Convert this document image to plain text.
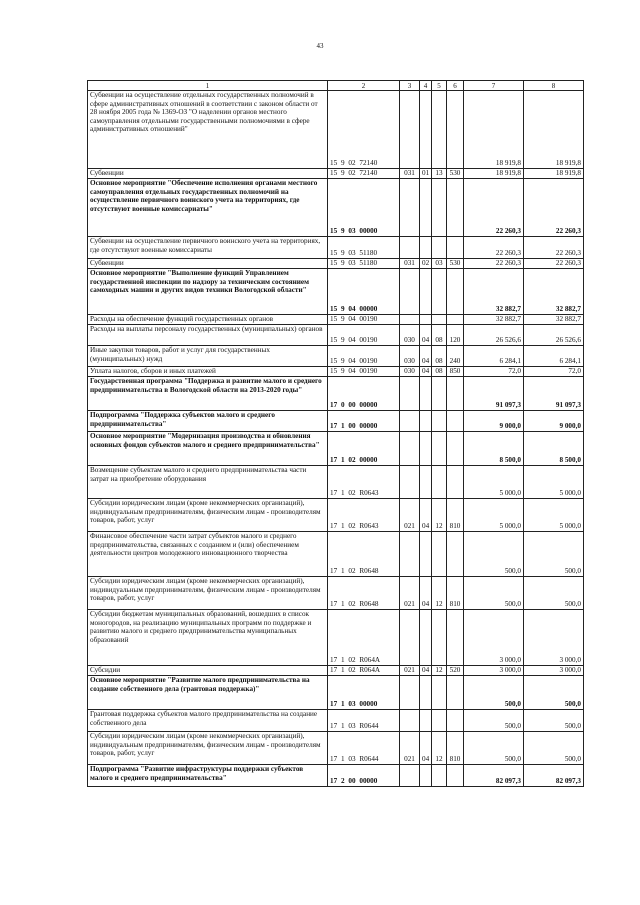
43
1	2	3	4	5	6	7	8
Субвенции на осуществление отдельных государственных полномочий в сфере административных отношений в соответствии с законом области от 28 ноября 2005 года № 1369-ОЗ "О наделении органов местного самоуправления отдельными государственными полномочиями в сфере административных отношений"	15 9 02 72140					18 919,8	18 919,8
Субвенции	15 9 02 72140	031	01	13	530	18 919,8	18 919,8
Основное мероприятие "Обеспечение исполнения органами местного самоуправления отдельных государственных полномочий на осуществление первичного воинского учета на территориях, где отсутствуют военные комиссариаты"	15 9 03 00000					22 260,3	22 260,3
Субвенции на осуществление первичного воинского учета на территориях, где отсутствуют военные комиссариаты	15 9 03 51180					22 260,3	22 260,3
Субвенции	15 9 03 51180	031	02	03	530	22 260,3	22 260,3
Основное мероприятие "Выполнение функций Управлением государственной инспекции по надзору за техническим состоянием самоходных машин и других видов техники Вологодской области"	15 9 04 00000					32 882,7	32 882,7
Расходы на обеспечение функций государственных органов	15 9 04 00190					32 882,7	32 882,7
Расходы на выплаты персоналу государственных (муниципальных) органов	15 9 04 00190	030	04	08	120	26 526,6	26 526,6
Иные закупки товаров, работ и услуг для государственных (муниципальных) нужд	15 9 04 00190	030	04	08	240	6 284,1	6 284,1
Уплата налогов, сборов и иных платежей	15 9 04 00190	030	04	08	850	72,0	72,0
Государственная программа "Поддержка и развитие малого и среднего предпринимательства в Вологодской области на 2013-2020 годы"	17 0 00 00000					91 097,3	91 097,3
Подпрограмма "Поддержка субъектов малого и среднего предпринимательства"	17 1 00 00000					9 000,0	9 000,0
Основное мероприятие "Модернизация производства и обновления основных фондов субъектов малого и среднего предпринимательства"	17 1 02 00000					8 500,0	8 500,0
Возмещение субъектам малого и среднего предпринимательства части затрат на приобретение оборудования	17 1 02 R0643					5 000,0	5 000,0
Субсидии юридическим лицам (кроме некоммерческих организаций), индивидуальным предпринимателям, физическим лицам - производителям товаров, работ, услуг	17 1 02 R0643	021	04	12	810	5 000,0	5 000,0
Финансовое обеспечение части затрат субъектов малого и среднего предпринимательства, связанных с созданием и (или) обеспечением деятельности центров молодежного инновационного творчества	17 1 02 R0648					500,0	500,0
Субсидии юридическим лицам (кроме некоммерческих организаций), индивидуальным предпринимателям, физическим лицам - производителям товаров, работ, услуг	17 1 02 R0648	021	04	12	810	500,0	500,0
Субсидии бюджетам муниципальных образований, вошедших в список моногородов, на реализацию муниципальных программ по поддержке и развитию малого и среднего предпринимательства муниципальных образований	17 1 02 R064A					3 000,0	3 000,0
Субсидии	17 1 02 R064A	021	04	12	520	3 000,0	3 000,0
Основное мероприятие "Развитие малого предпринимательства на создание собственного дела (грантовая поддержка)"	17 1 03 00000					500,0	500,0
Грантовая поддержка субъектов малого предпринимательства на создание собственного дела	17 1 03 R0644					500,0	500,0
Субсидии юридическим лицам (кроме некоммерческих организаций), индивидуальным предпринимателям, физическим лицам - производителям товаров, работ, услуг	17 1 03 R0644	021	04	12	810	500,0	500,0
Подпрограмма "Развитие инфраструктуры поддержки субъектов малого и среднего предпринимательства"	17 2 00 00000					82 097,3	82 097,3
